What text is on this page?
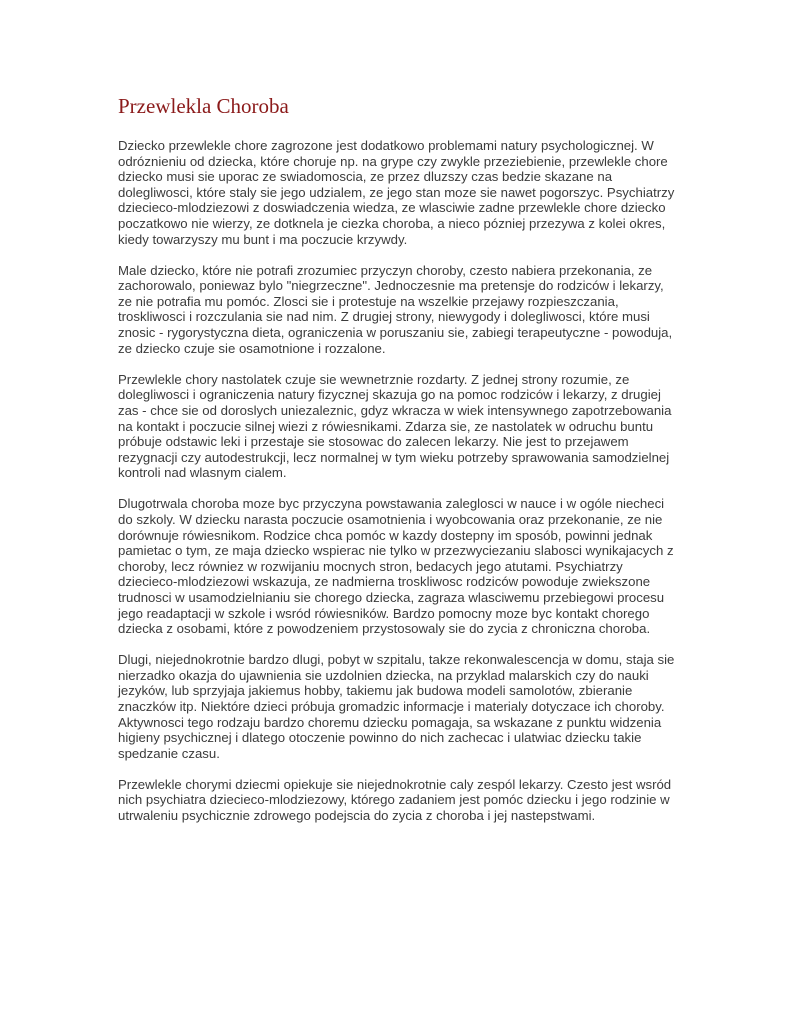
Przewlekla Choroba

Dziecko przewlekle chore zagrozone jest dodatkowo problemami natury psychologicznej. W odróznieniu od dziecka, które choruje np. na grype czy zwykle przeziebienie, przewlekle chore dziecko musi sie uporac ze swiadomoscia, ze przez dluzszy czas bedzie skazane na dolegliwosci, które staly sie jego udzialem, ze jego stan moze sie nawet pogorszyc. Psychiatrzy dziecieco-mlodziezowi z doswiadczenia wiedza, ze wlasciwie zadne przewlekle chore dziecko poczatkowo nie wierzy, ze dotknela je ciezka choroba, a nieco pózniej przezywa z kolei okres, kiedy towarzyszy mu bunt i ma poczucie krzywdy.

Male dziecko, które nie potrafi zrozumiec przyczyn choroby, czesto nabiera przekonania, ze zachorowalo, poniewaz bylo "niegrzeczne". Jednoczesnie ma pretensje do rodziców i lekarzy, ze nie potrafia mu pomóc. Zlosci sie i protestuje na wszelkie przejawy rozpieszczania, troskliwosci i rozczulania sie nad nim. Z drugiej strony, niewygody i dolegliwosci, które musi znosic - rygorystyczna dieta, ograniczenia w poruszaniu sie, zabiegi terapeutyczne - powoduja, ze dziecko czuje sie osamotnione i rozzalone.

Przewlekle chory nastolatek czuje sie wewnetrznie rozdarty. Z jednej strony rozumie, ze dolegliwosci i ograniczenia natury fizycznej skazuja go na pomoc rodziców i lekarzy, z drugiej zas - chce sie od doroslych uniezaleznic, gdyz wkracza w wiek intensywnego zapotrzebowania na kontakt i poczucie silnej wiezi z rówiesnikami. Zdarza sie, ze nastolatek w odruchu buntu próbuje odstawic leki i przestaje sie stosowac do zalecen lekarzy. Nie jest to przejawem rezygnacji czy autodestrukcji, lecz normalnej w tym wieku potrzeby sprawowania samodzielnej kontroli nad wlasnym cialem.

Dlugotrwala choroba moze byc przyczyna powstawania zaleglosci w nauce i w ogóle niecheci do szkoly. W dziecku narasta poczucie osamotnienia i wyobcowania oraz przekonanie, ze nie dorównuje rówiesnikom. Rodzice chca pomóc w kazdy dostepny im sposób, powinni jednak pamietac o tym, ze maja dziecko wspierac nie tylko w przezwyciezaniu slabosci wynikajacych z choroby, lecz równiez w rozwijaniu mocnych stron, bedacych jego atutami. Psychiatrzy dziecieco-mlodziezowi wskazuja, ze nadmierna troskliwosc rodziców powoduje zwiekszone trudnosci w usamodzielnianiu sie chorego dziecka, zagraza wlasciwemu przebiegowi procesu jego readaptacji w szkole i wsród rówiesników. Bardzo pomocny moze byc kontakt chorego dziecka z osobami, które z powodzeniem przystosowaly sie do zycia z chroniczna choroba.

Dlugi, niejednokrotnie bardzo dlugi, pobyt w szpitalu, takze rekonwalescencja w domu, staja sie nierzadko okazja do ujawnienia sie uzdolnien dziecka, na przyklad malarskich czy do nauki jezyków, lub sprzyjaja jakiemus hobby, takiemu jak budowa modeli samolotów, zbieranie znaczków itp. Niektóre dzieci próbuja gromadzic informacje i materialy dotyczace ich choroby. Aktywnosci tego rodzaju bardzo choremu dziecku pomagaja, sa wskazane z punktu widzenia higieny psychicznej i dlatego otoczenie powinno do nich zachecac i ulatwiac dziecku takie spedzanie czasu.

Przewlekle chorymi dziecmi opiekuje sie niejednokrotnie caly zespól lekarzy. Czesto jest wsród nich psychiatra dziecieco-mlodziezowy, którego zadaniem jest pomóc dziecku i jego rodzinie w utrwaleniu psychicznie zdrowego podejscia do zycia z choroba i jej nastepstwami.
